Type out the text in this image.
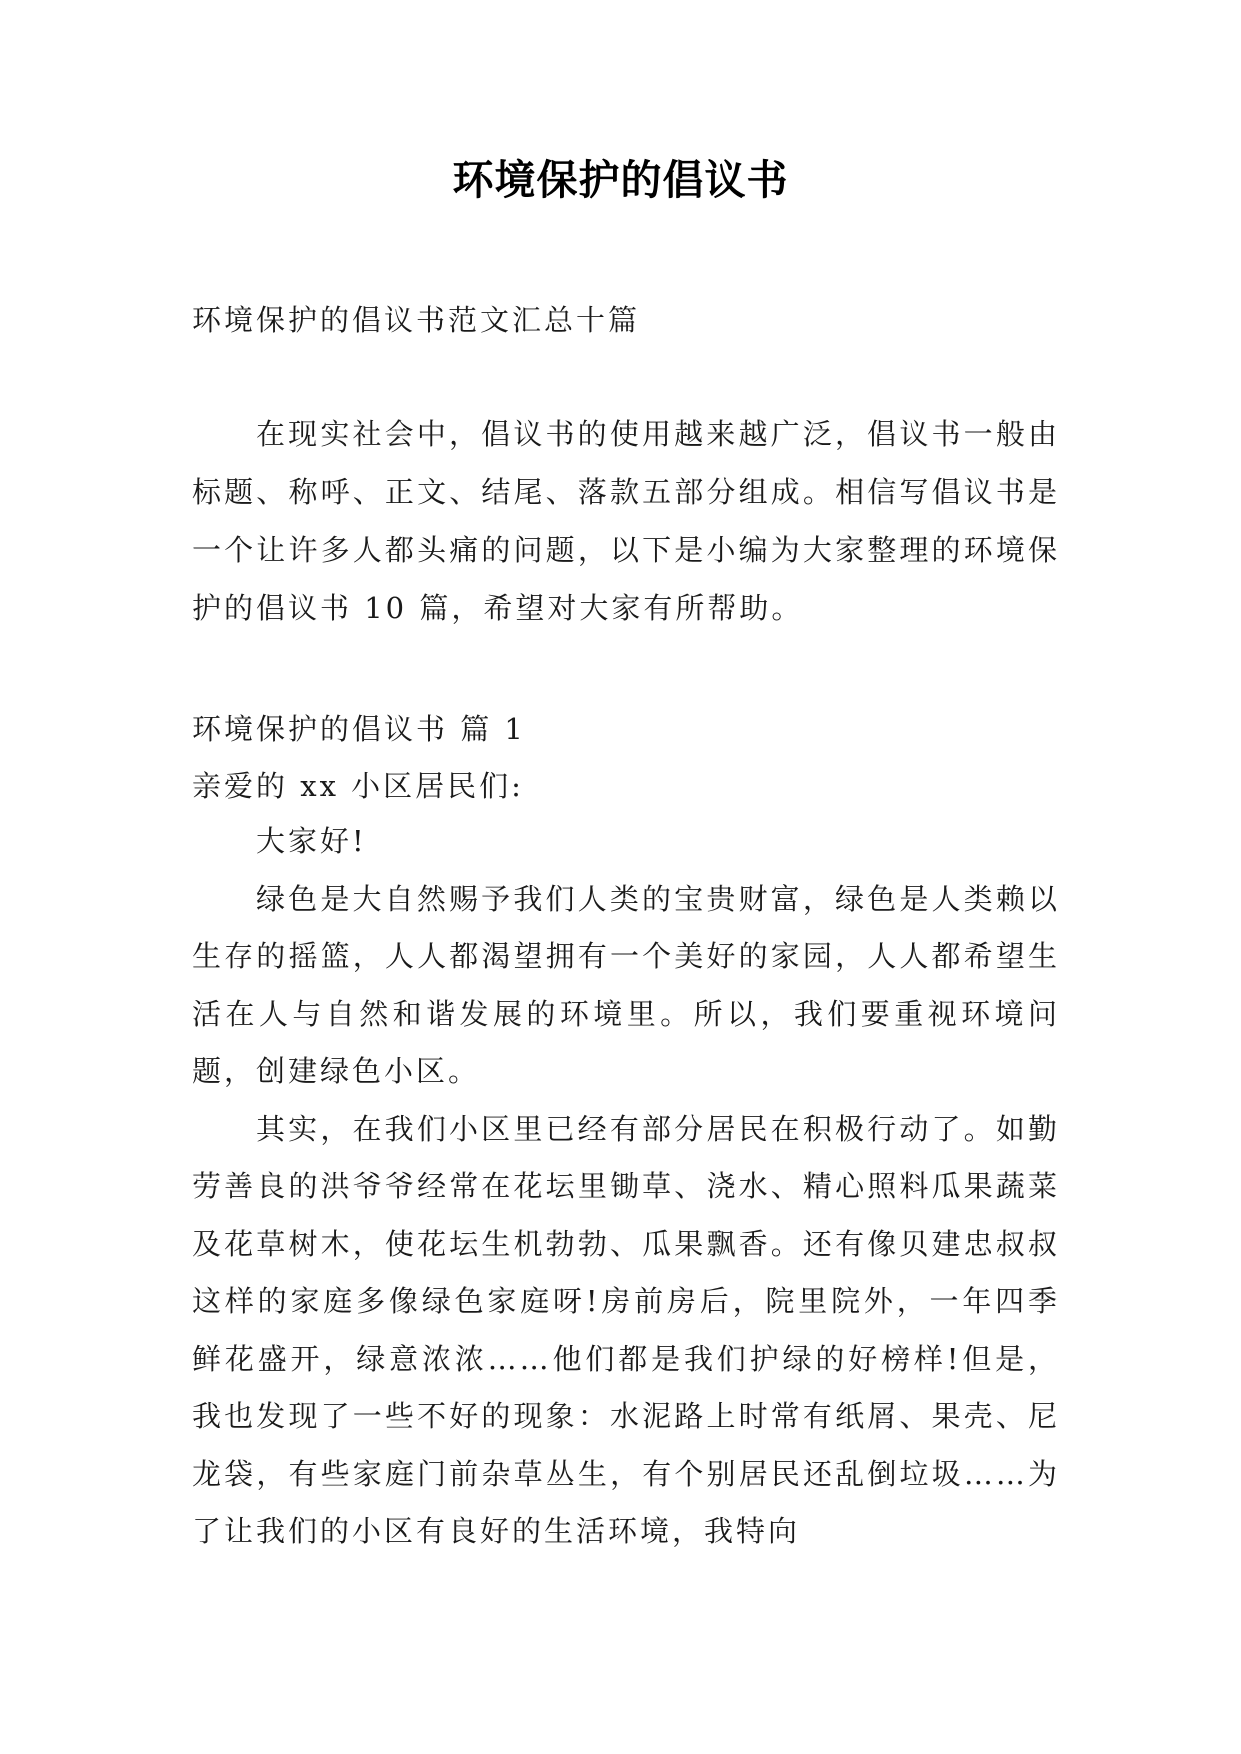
环境保护的倡议书
环境保护的倡议书范文汇总十篇
在现实社会中，倡议书的使用越来越广泛，倡议书一般由标题、称呼、正文、结尾、落款五部分组成。相信写倡议书是一个让许多人都头痛的问题，以下是小编为大家整理的环境保护的倡议书 10 篇，希望对大家有所帮助。
环境保护的倡议书 篇 1
亲爱的 xx 小区居民们:

大家好!

绿色是大自然赐予我们人类的宝贵财富，绿色是人类赖以生存的摇篮，人人都渴望拥有一个美好的家园，人人都希望生活在人与自然和谐发展的环境里。所以，我们要重视环境问题，创建绿色小区。

其实，在我们小区里已经有部分居民在积极行动了。如勤劳善良的洪爷爷经常在花坛里锄草、浇水、精心照料瓜果蔬菜及花草树木，使花坛生机勃勃、瓜果飘香。还有像贝建忠叔叔这样的家庭多像绿色家庭呀!房前房后，院里院外，一年四季鲜花盛开，绿意浓浓……他们都是我们护绿的好榜样!但是，我也发现了一些不好的现象：水泥路上时常有纸屑、果壳、尼龙袋，有些家庭门前杂草丛生，有个别居民还乱倒垃圾……为了让我们的小区有良好的生活环境，我特向
